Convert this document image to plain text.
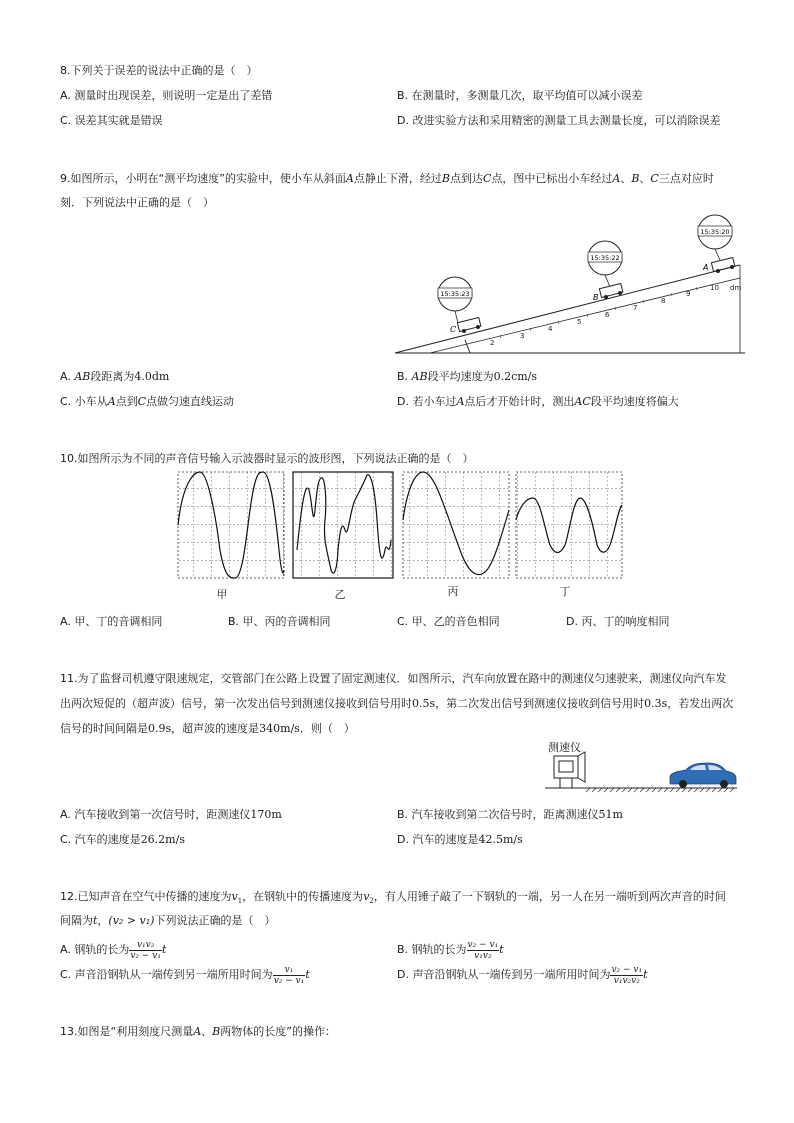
8.下列关于误差的说法中正确的是（　）
A. 测量时出现误差，则说明一定是出了差错	B. 在测量时，多测量几次，取平均值可以减小误差
C. 误差其实就是错误	D. 改进实验方法和采用精密的测量工具去测量长度，可以消除误差
9.如图所示，小明在“测平均速度”的实验中，使小车从斜面A点静止下滑，经过B点到达C点，图中已标出小车经过A、B、C三点对应时
刻．下列说法中正确的是（　）
2
3
4
5
6
7
8
9
10 dm
15:35:23
C
15:35:22
B
15:35:20
A
A. AB段距离为4.0dm	B. AB段平均速度为0.2cm/s
C. 小车从A点到C点做匀速直线运动	D. 若小车过A点后才开始计时，测出AC段平均速度将偏大
10.如图所示为不同的声音信号输入示波器时显示的波形图，下列说法正确的是（　）
甲	乙	丙	丁
A. 甲、丁的音调相同	B. 甲、丙的音调相同	C. 甲、乙的音色相同	D. 丙、丁的响度相同
11.为了监督司机遵守限速规定，交管部门在公路上设置了固定测速仪．如图所示，汽车向放置在路中的测速仪匀速驶来，测速仪向汽车发
出两次短促的（超声波）信号，第一次发出信号到测速仪接收到信号用时0.5s，第二次发出信号到测速仪接收到信号用时0.3s，若发出两次
信号的时间间隔是0.9s，超声波的速度是340m/s．则（　）
测速仪
A. 汽车接收到第一次信号时，距测速仪170m	B. 汽车接收到第二次信号时，距离测速仪51m
C. 汽车的速度是26.2m/s	D. 汽车的速度是42.5m/s
12.已知声音在空气中传播的速度为$v_1$，在钢轨中的传播速度为$v_2$，有人用锤子敲了一下钢轨的一端，另一人在另一端听到两次声音的时间
间隔为t，(v₂ > v₁)下列说法正确的是（　）
A. 钢轨的长为 $\frac{\text{v₁v₂}}{\text{v₂ − v₁}}$ t	B. 钢轨的长为 $\frac{\text{v₂ − v₁}}{\text{v₁v₂}}$ t
C. 声音沿钢轨从一端传到另一端所用时间为 $\frac{\text{v₁}}{\text{v₂ − v₁}}$ t	D. 声音沿钢轨从一端传到另一端所用时间为 $\frac{\text{v₂ − v₁}}{\text{v₁v₂v₂}}$ t
13.如图是“利用刻度尺测量A、B两物体的长度”的操作：
